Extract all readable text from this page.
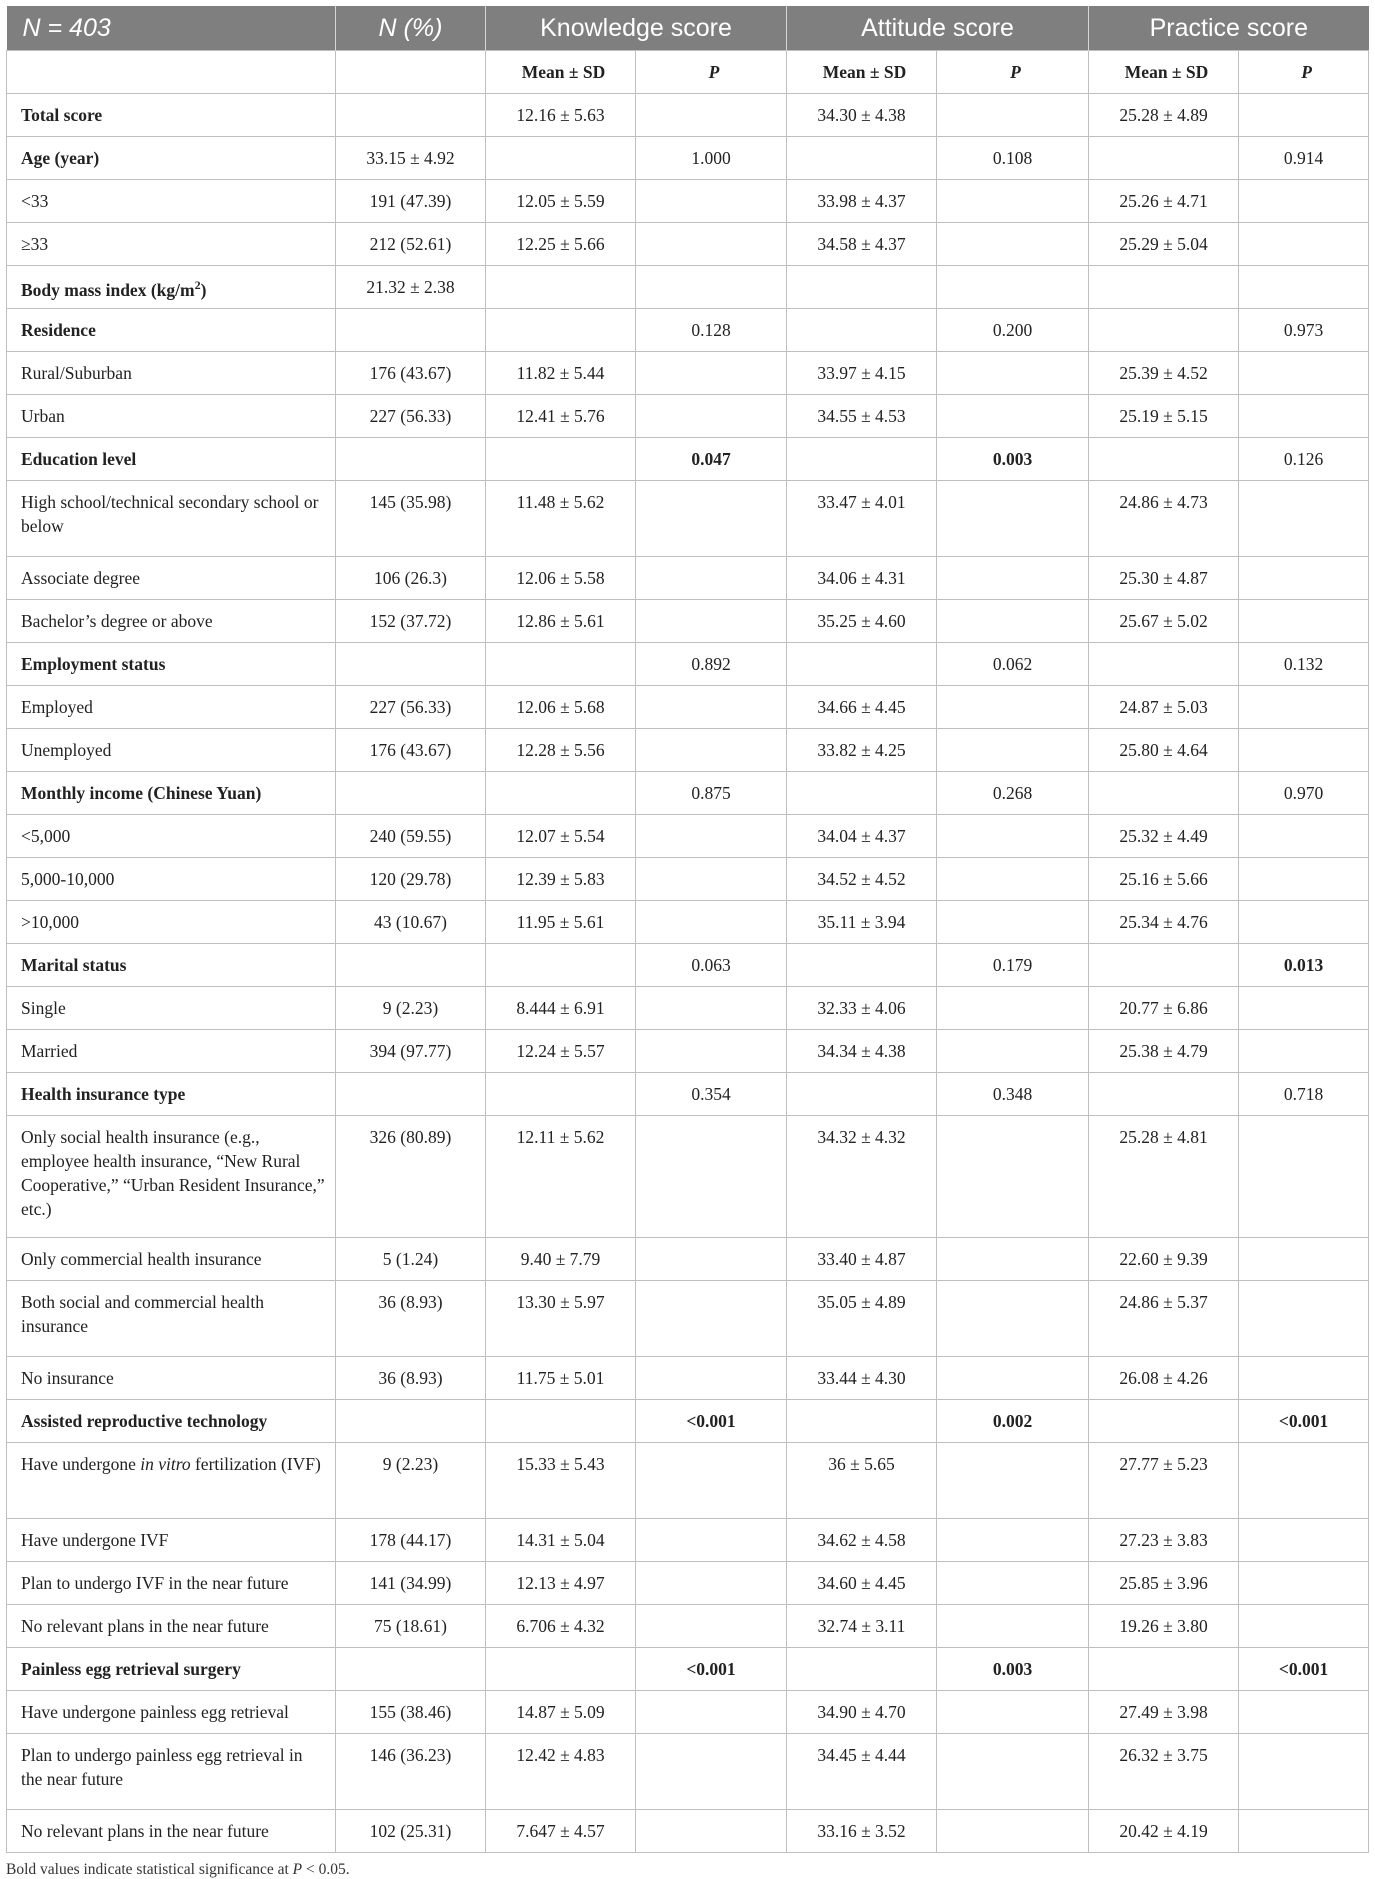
N = 403	N (%)	Knowledge score		Attitude score		Practice score	
		Mean ± SD	P	Mean ± SD	P	Mean ± SD	P
Total score		12.16 ± 5.63		34.30 ± 4.38		25.28 ± 4.89	
Age (year)	33.15 ± 4.92		1.000		0.108		0.914
<33	191 (47.39)	12.05 ± 5.59		33.98 ± 4.37		25.26 ± 4.71	
≥33	212 (52.61)	12.25 ± 5.66		34.58 ± 4.37		25.29 ± 5.04	
Body mass index $(kg/m^2)$	21.32 ± 2.38						
Residence			0.128		0.200		0.973
Rural/Suburban	176 (43.67)	11.82 ± 5.44		33.97 ± 4.15		25.39 ± 4.52	
Urban	227 (56.33)	12.41 ± 5.76		34.55 ± 4.53		25.19 ± 5.15	
Education level			0.047		0.003		0.126
High school/technical secondary school or below	145 (35.98)	11.48 ± 5.62		33.47 ± 4.01		24.86 ± 4.73	
Associate degree	106 (26.3)	12.06 ± 5.58		34.06 ± 4.31		25.30 ± 4.87	
Bachelor’s degree or above	152 (37.72)	12.86 ± 5.61		35.25 ± 4.60		25.67 ± 5.02	
Employment status			0.892		0.062		0.132
Employed	227 (56.33)	12.06 ± 5.68		34.66 ± 4.45		24.87 ± 5.03	
Unemployed	176 (43.67)	12.28 ± 5.56		33.82 ± 4.25		25.80 ± 4.64	
Monthly income (Chinese Yuan)			0.875		0.268		0.970
<5,000	240 (59.55)	12.07 ± 5.54		34.04 ± 4.37		25.32 ± 4.49	
5,000-10,000	120 (29.78)	12.39 ± 5.83		34.52 ± 4.52		25.16 ± 5.66	
>10,000	43 (10.67)	11.95 ± 5.61		35.11 ± 3.94		25.34 ± 4.76	
Marital status			0.063		0.179		0.013
Single	9 (2.23)	8.444 ± 6.91		32.33 ± 4.06		20.77 ± 6.86	
Married	394 (97.77)	12.24 ± 5.57		34.34 ± 4.38		25.38 ± 4.79	
Health insurance type			0.354		0.348		0.718
Only social health insurance (e.g., employee health insurance, “New Rural Cooperative,” “Urban Resident Insurance,” etc.)	326 (80.89)	12.11 ± 5.62		34.32 ± 4.32		25.28 ± 4.81	
Only commercial health insurance	5 (1.24)	9.40 ± 7.79		33.40 ± 4.87		22.60 ± 9.39	
Both social and commercial health insurance	36 (8.93)	13.30 ± 5.97		35.05 ± 4.89		24.86 ± 5.37	
No insurance	36 (8.93)	11.75 ± 5.01		33.44 ± 4.30		26.08 ± 4.26	
Assisted reproductive technology			<0.001		0.002		<0.001
Have undergone in vitro fertilization (IVF)	9 (2.23)	15.33 ± 5.43		36 ± 5.65		27.77 ± 5.23	
Have undergone IVF	178 (44.17)	14.31 ± 5.04		34.62 ± 4.58		27.23 ± 3.83	
Plan to undergo IVF in the near future	141 (34.99)	12.13 ± 4.97		34.60 ± 4.45		25.85 ± 3.96	
No relevant plans in the near future	75 (18.61)	6.706 ± 4.32		32.74 ± 3.11		19.26 ± 3.80	
Painless egg retrieval surgery			<0.001		0.003		<0.001
Have undergone painless egg retrieval	155 (38.46)	14.87 ± 5.09		34.90 ± 4.70		27.49 ± 3.98	
Plan to undergo painless egg retrieval in the near future	146 (36.23)	12.42 ± 4.83		34.45 ± 4.44		26.32 ± 3.75	
No relevant plans in the near future	102 (25.31)	7.647 ± 4.57		33.16 ± 3.52		20.42 ± 4.19	
Bold values indicate statistical significance at P < 0.05.
